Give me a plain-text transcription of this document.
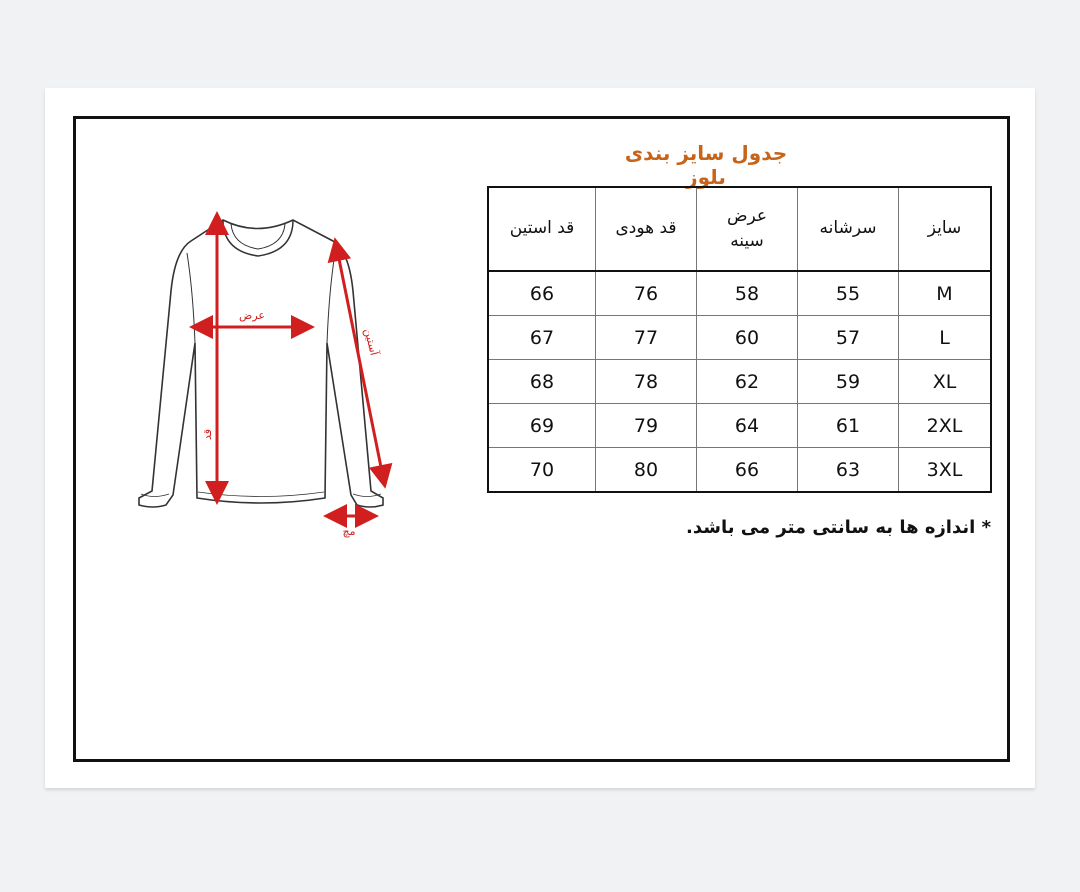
عرض
قد
آستین
مچ
جدول سایز بندی بلوز
سایز	سرشانه	عرض سینه	قد هودی	قد استین
M	55	58	76	66
L	57	60	77	67
XL	59	62	78	68
2XL	61	64	79	69
3XL	63	66	80	70
* اندازه ها به سانتی متر می باشد.
